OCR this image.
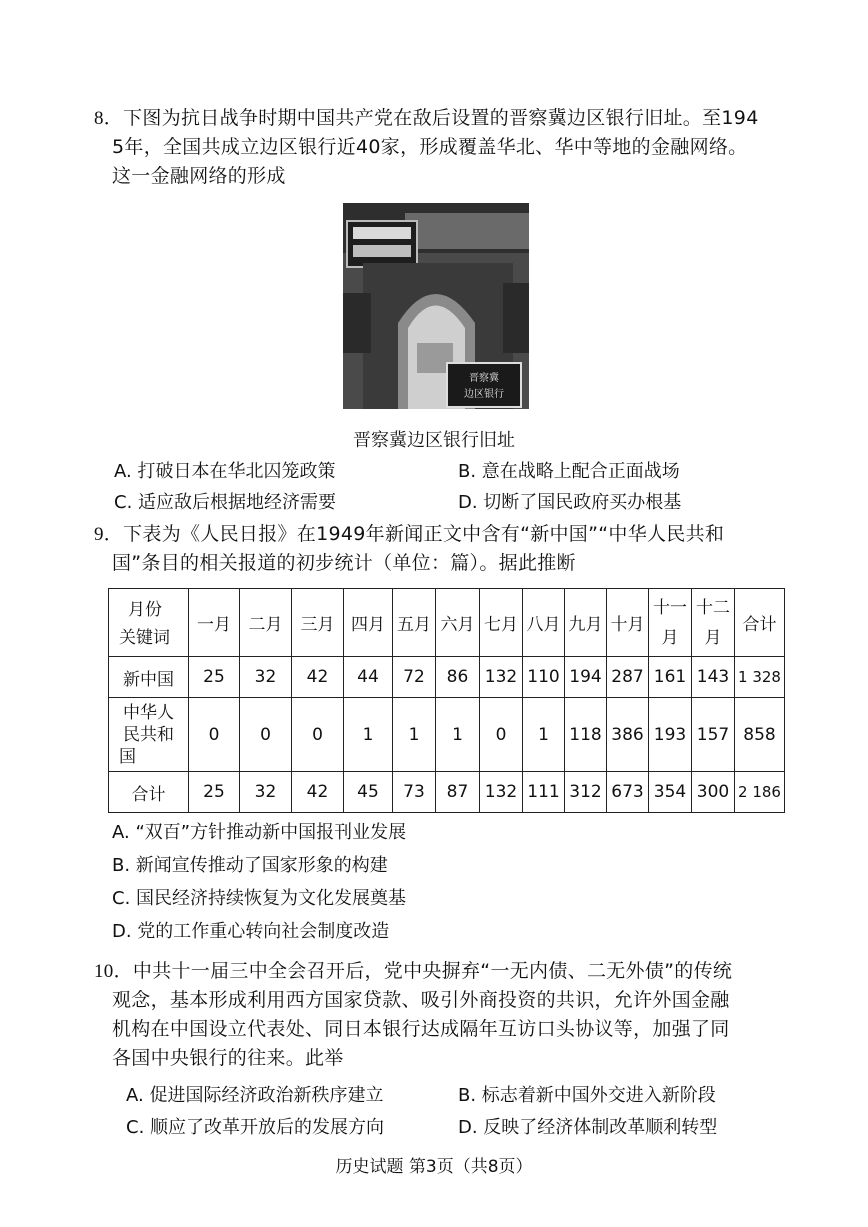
8．下图为抗日战争时期中国共产党在敌后设置的晋察冀边区银行旧址。至194
5年，全国共成立边区银行近40家，形成覆盖华北、华中等地的金融网络。
这一金融网络的形成
晋察冀
边区银行
晋察冀边区银行旧址
A. 打破日本在华北囚笼政策	B. 意在战略上配合正面战场
C. 适应敌后根据地经济需要	D. 切断了国民政府买办根基
9．下表为《人民日报》在1949年新闻正文中含有“新中国”“中华人民共和
国”条目的相关报道的初步统计（单位：篇）。据此推断
月份
关键词	一月	二月	三月	四月	五月	六月	七月	八月	九月	十月	十一月	十二月	合计
新中国	25	32	42	44	72	86	132	110	194	287	161	143	1 328
中华人民共和国	0	0	0	1	1	1	0	1	118	386	193	157	858
合计	25	32	42	45	73	87	132	111	312	673	354	300	2 186
A. “双百”方针推动新中国报刊业发展
B. 新闻宣传推动了国家形象的构建
C. 国民经济持续恢复为文化发展奠基
D. 党的工作重心转向社会制度改造
10．中共十一届三中全会召开后，党中央摒弃“一无内债、二无外债”的传统
观念，基本形成利用西方国家贷款、吸引外商投资的共识，允许外国金融
机构在中国设立代表处、同日本银行达成隔年互访口头协议等，加强了同
各国中央银行的往来。此举
A. 促进国际经济政治新秩序建立	B. 标志着新中国外交进入新阶段
C. 顺应了改革开放后的发展方向	D. 反映了经济体制改革顺利转型
历史试题 第3页（共8页）
